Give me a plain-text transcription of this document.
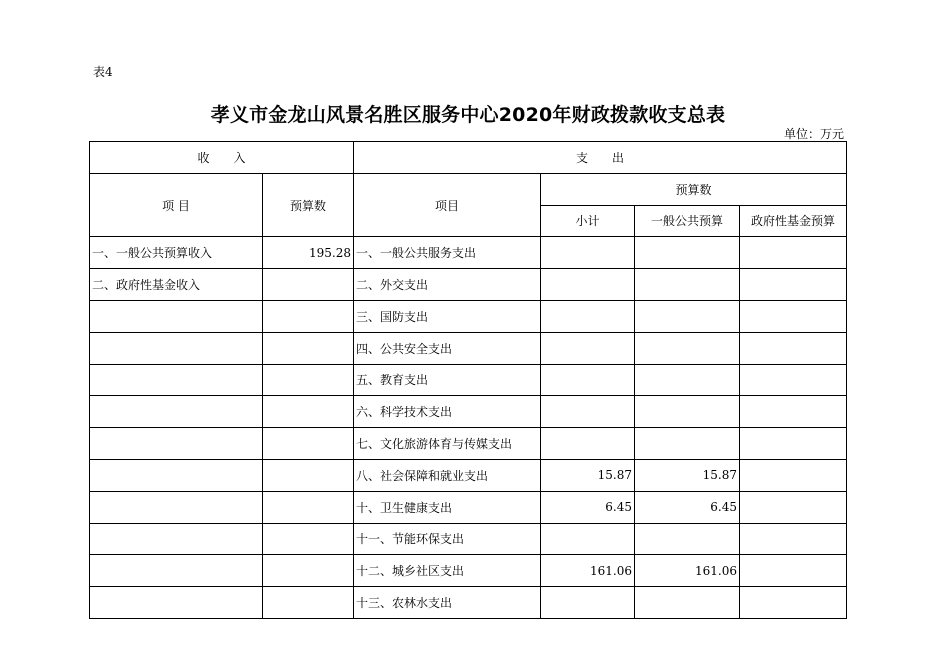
表4
孝义市金龙山风景名胜区服务中心2020年财政拨款收支总表
单位：万元
收　　入		支　　出			
项 目	预算数	项目	预算数		
			小计	一般公共预算	政府性基金预算
一、一般公共预算收入	195.28	一、一般公共服务支出			
二、政府性基金收入		二、外交支出			
		三、国防支出			
		四、公共安全支出			
		五、教育支出			
		六、科学技术支出			
		七、文化旅游体育与传媒支出			
		八、社会保障和就业支出	15.87	15.87	
		十、卫生健康支出	6.45	6.45	
		十一、节能环保支出			
		十二、城乡社区支出	161.06	161.06	
		十三、农林水支出			
